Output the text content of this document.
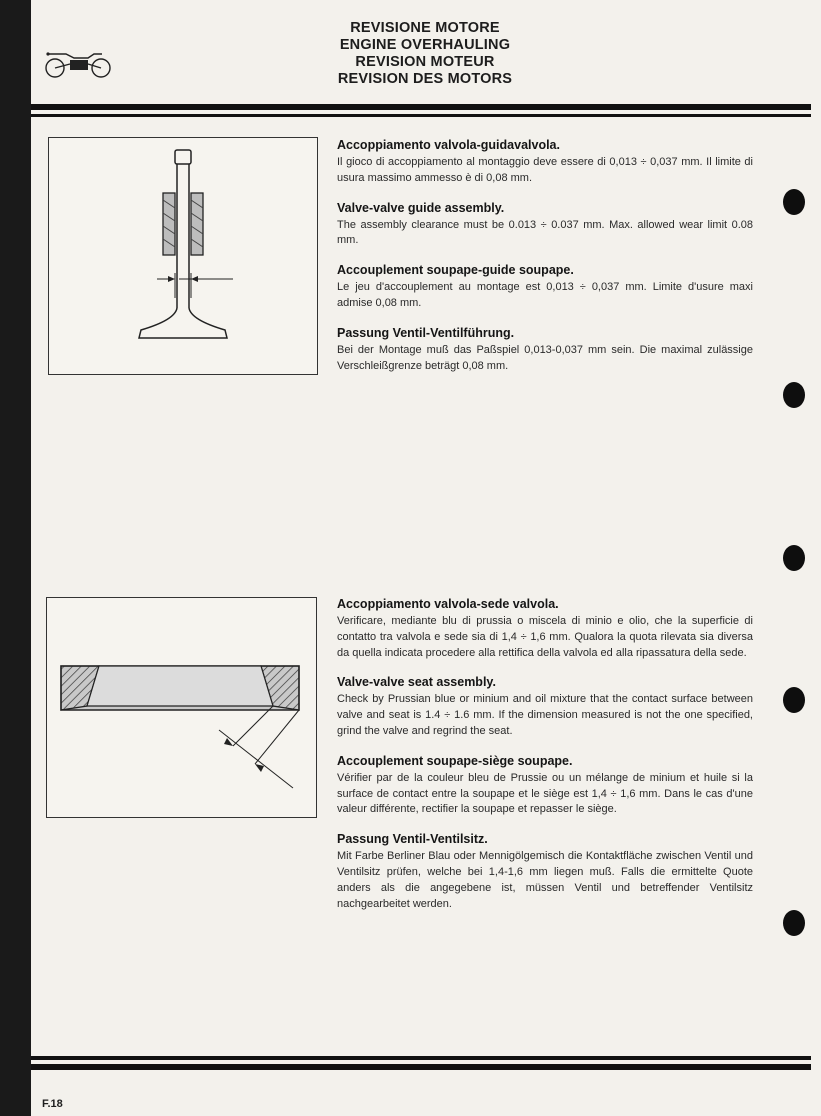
REVISIONE MOTORE
ENGINE OVERHAULING
REVISION MOTEUR
REVISION DES MOTORS
Accoppiamento valvola-guidavalvola.

Il gioco di accoppiamento al montaggio deve essere di 0,013 ÷ 0,037 mm. Il limite di usura massimo ammesso è di 0,08 mm.

Valve-valve guide assembly.

The assembly clearance must be 0.013 ÷ 0.037 mm. Max. allowed wear limit 0.08 mm.

Accouplement soupape-guide soupape.

Le jeu d'accouplement au montage est 0,013 ÷ 0,037 mm. Limite d'usure maxi admise 0,08 mm.

Passung Ventil-Ventilführung.

Bei der Montage muß das Paßspiel 0,013-0,037 mm sein. Die maximal zulässige Verschleißgrenze beträgt 0,08 mm.

Accoppiamento valvola-sede valvola.

Verificare, mediante blu di prussia o miscela di minio e olio, che la superficie di contatto tra valvola e sede sia di 1,4 ÷ 1,6 mm. Qualora la quota rilevata sia diversa da quella indicata procedere alla rettifica della valvola ed alla ripassatura della sede.

Valve-valve seat assembly.

Check by Prussian blue or minium and oil mixture that the contact surface between valve and seat is 1.4 ÷ 1.6 mm. If the dimension measured is not the one specified, grind the valve and regrind the seat.

Accouplement soupape-siège soupape.

Vérifier par de la couleur bleu de Prussie ou un mélange de minium et huile si la surface de contact entre la soupape et le siège est 1,4 ÷ 1,6 mm. Dans le cas d'une valeur différente, rectifier la soupape et repasser le siège.

Passung Ventil-Ventilsitz.

Mit Farbe Berliner Blau oder Mennigölgemisch die Kontaktfläche zwischen Ventil und Ventilsitz prüfen, welche bei 1,4-1,6 mm liegen muß. Falls die ermittelte Quote anders als die angegebene ist, müssen Ventil und betreffender Ventilsitz nachgearbeitet werden.

F.18
